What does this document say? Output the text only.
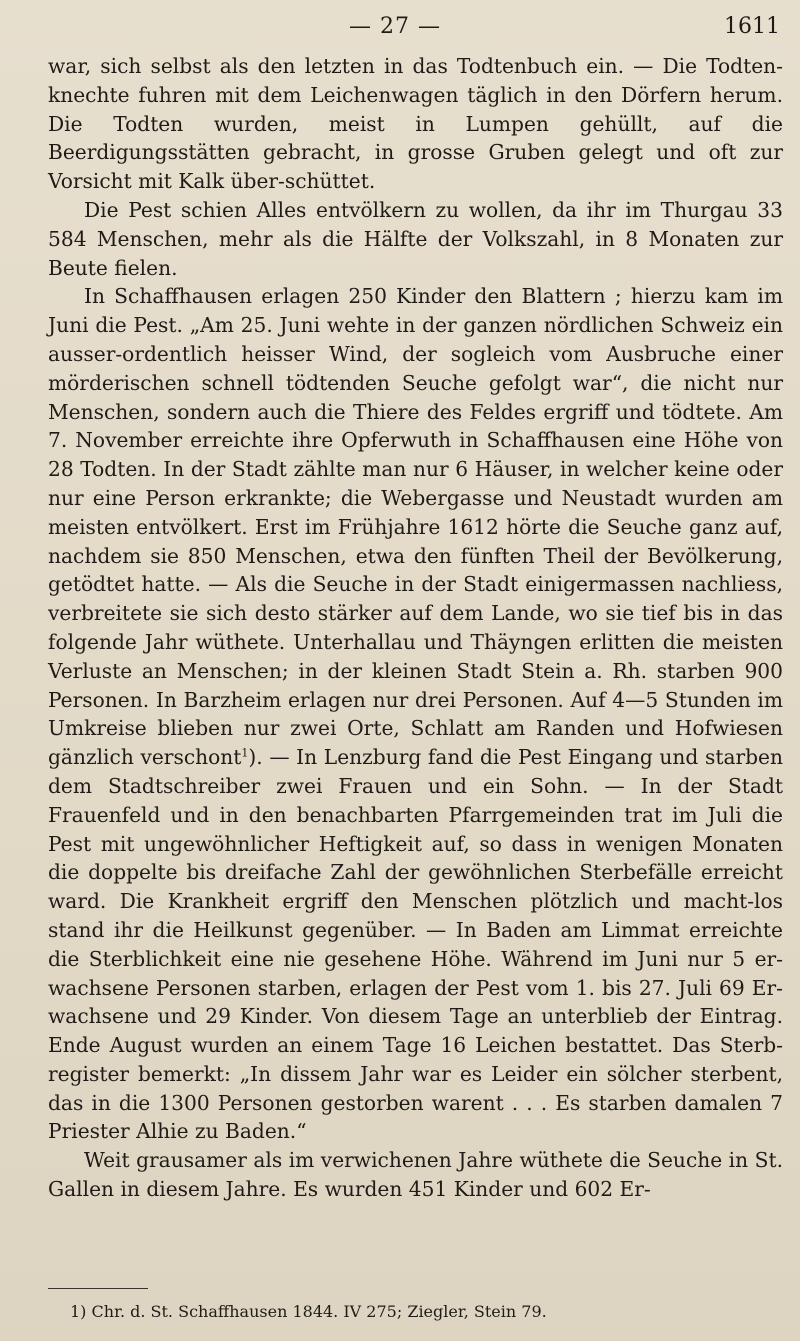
— 27 —	1611

war, sich selbst als den letzten in das Todtenbuch ein. — Die Todten-knechte fuhren mit dem Leichenwagen täglich in den Dörfern herum. Die Todten wurden, meist in Lumpen gehüllt, auf die Beerdigungsstätten gebracht, in grosse Gruben gelegt und oft zur Vorsicht mit Kalk über-schüttet.

Die Pest schien Alles entvölkern zu wollen, da ihr im Thurgau 33 584 Menschen, mehr als die Hälfte der Volkszahl, in 8 Monaten zur Beute fielen.

In Schaffhausen erlagen 250 Kinder den Blattern ; hierzu kam im Juni die Pest. „Am 25. Juni wehte in der ganzen nördlichen Schweiz ein ausser-ordentlich heisser Wind, der sogleich vom Ausbruche einer mörderischen schnell tödtenden Seuche gefolgt war“, die nicht nur Menschen, sondern auch die Thiere des Feldes ergriff und tödtete. Am 7. November erreichte ihre Opferwuth in Schaffhausen eine Höhe von 28 Todten. In der Stadt zählte man nur 6 Häuser, in welcher keine oder nur eine Person erkrankte; die Webergasse und Neustadt wurden am meisten entvölkert. Erst im Frühjahre 1612 hörte die Seuche ganz auf, nachdem sie 850 Menschen, etwa den fünften Theil der Bevölkerung, getödtet hatte. — Als die Seuche in der Stadt einigermassen nachliess, verbreitete sie sich desto stärker auf dem Lande, wo sie tief bis in das folgende Jahr wüthete. Unterhallau und Thäyngen erlitten die meisten Verluste an Menschen; in der kleinen Stadt Stein a. Rh. starben 900 Personen. In Barzheim erlagen nur drei Personen. Auf 4—5 Stunden im Umkreise blieben nur zwei Orte, Schlatt am Randen und Hofwiesen gänzlich verschont$^1$). — In Lenzburg fand die Pest Eingang und starben dem Stadtschreiber zwei Frauen und ein Sohn. — In der Stadt Frauenfeld und in den benachbarten Pfarrgemeinden trat im Juli die Pest mit ungewöhnlicher Heftigkeit auf, so dass in wenigen Monaten die doppelte bis dreifache Zahl der gewöhnlichen Sterbefälle erreicht ward. Die Krankheit ergriff den Menschen plötzlich und macht-los stand ihr die Heilkunst gegenüber. — In Baden am Limmat erreichte die Sterblichkeit eine nie gesehene Höhe. Während im Juni nur 5 er-wachsene Personen starben, erlagen der Pest vom 1. bis 27. Juli 69 Er-wachsene und 29 Kinder. Von diesem Tage an unterblieb der Eintrag. Ende August wurden an einem Tage 16 Leichen bestattet. Das Sterb-register bemerkt: „In dissem Jahr war es Leider ein sölcher sterbent, das in die 1300 Personen gestorben warent . . . Es starben damalen 7 Priester Alhie zu Baden.“

Weit grausamer als im verwichenen Jahre wüthete die Seuche in St. Gallen in diesem Jahre. Es wurden 451 Kinder und 602 Er-

1) Chr. d. St. Schaffhausen 1844. IV 275; Ziegler, Stein 79.
